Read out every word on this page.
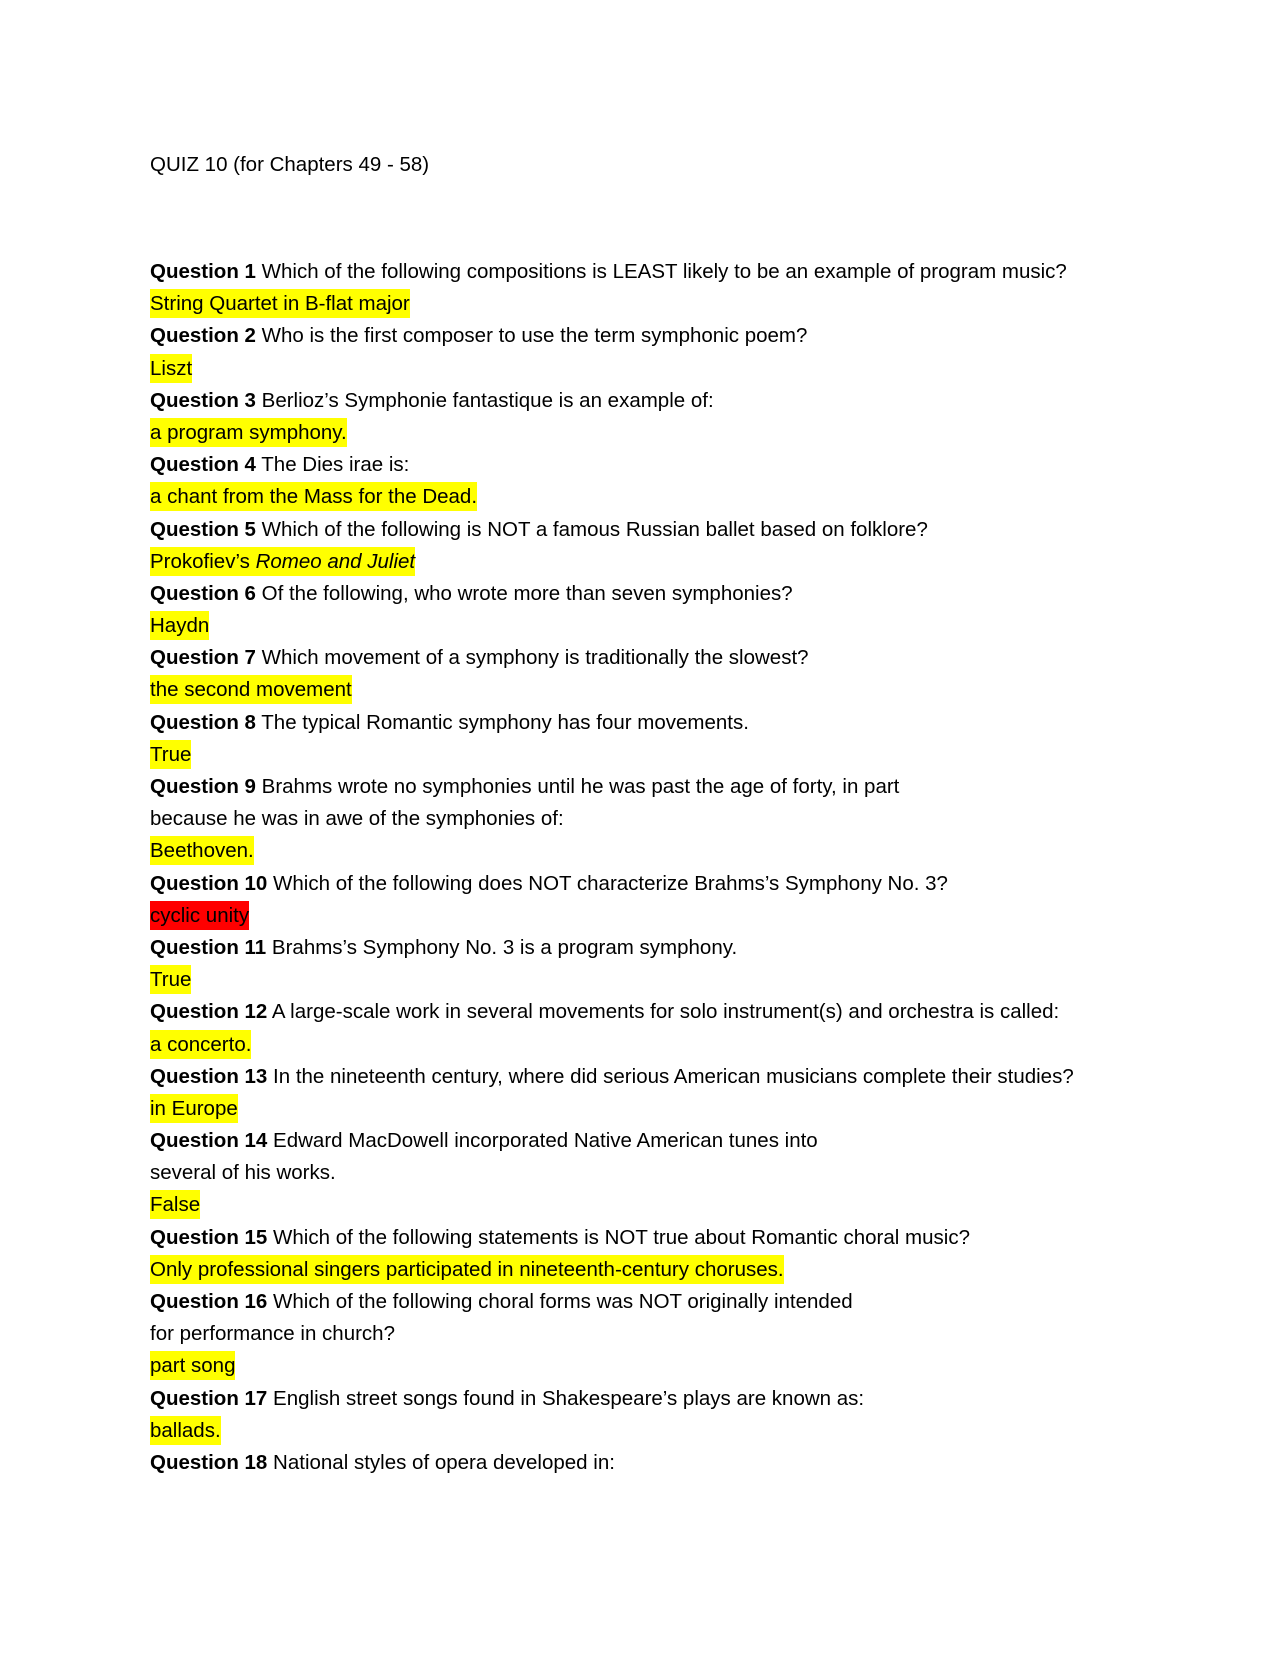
QUIZ 10 (for Chapters 49 - 58)
Question 1 Which of the following compositions is LEAST likely to be an example of program music?
String Quartet in B-flat major
Question 2 Who is the first composer to use the term symphonic poem?
Liszt
Question 3 Berlioz’s Symphonie fantastique is an example of:
a program symphony.
Question 4 The Dies irae is:
a chant from the Mass for the Dead.
Question 5 Which of the following is NOT a famous Russian ballet based on folklore?
Prokofiev’s Romeo and Juliet
Question 6 Of the following, who wrote more than seven symphonies?
Haydn
Question 7 Which movement of a symphony is traditionally the slowest?
the second movement
Question 8 The typical Romantic symphony has four movements.
True
Question 9 Brahms wrote no symphonies until he was past the age of forty, in part
because he was in awe of the symphonies of:
Beethoven.
Question 10 Which of the following does NOT characterize Brahms’s Symphony No. 3?
cyclic unity
Question 11 Brahms’s Symphony No. 3 is a program symphony.
True
Question 12 A large-scale work in several movements for solo instrument(s) and orchestra is called:
a concerto.
Question 13 In the nineteenth century, where did serious American musicians complete their studies?
in Europe
Question 14 Edward MacDowell incorporated Native American tunes into
several of his works.
False
Question 15 Which of the following statements is NOT true about Romantic choral music?
Only professional singers participated in nineteenth-century choruses.
Question 16 Which of the following choral forms was NOT originally intended
for performance in church?
part song
Question 17 English street songs found in Shakespeare’s plays are known as:
ballads.
Question 18 National styles of opera developed in:
